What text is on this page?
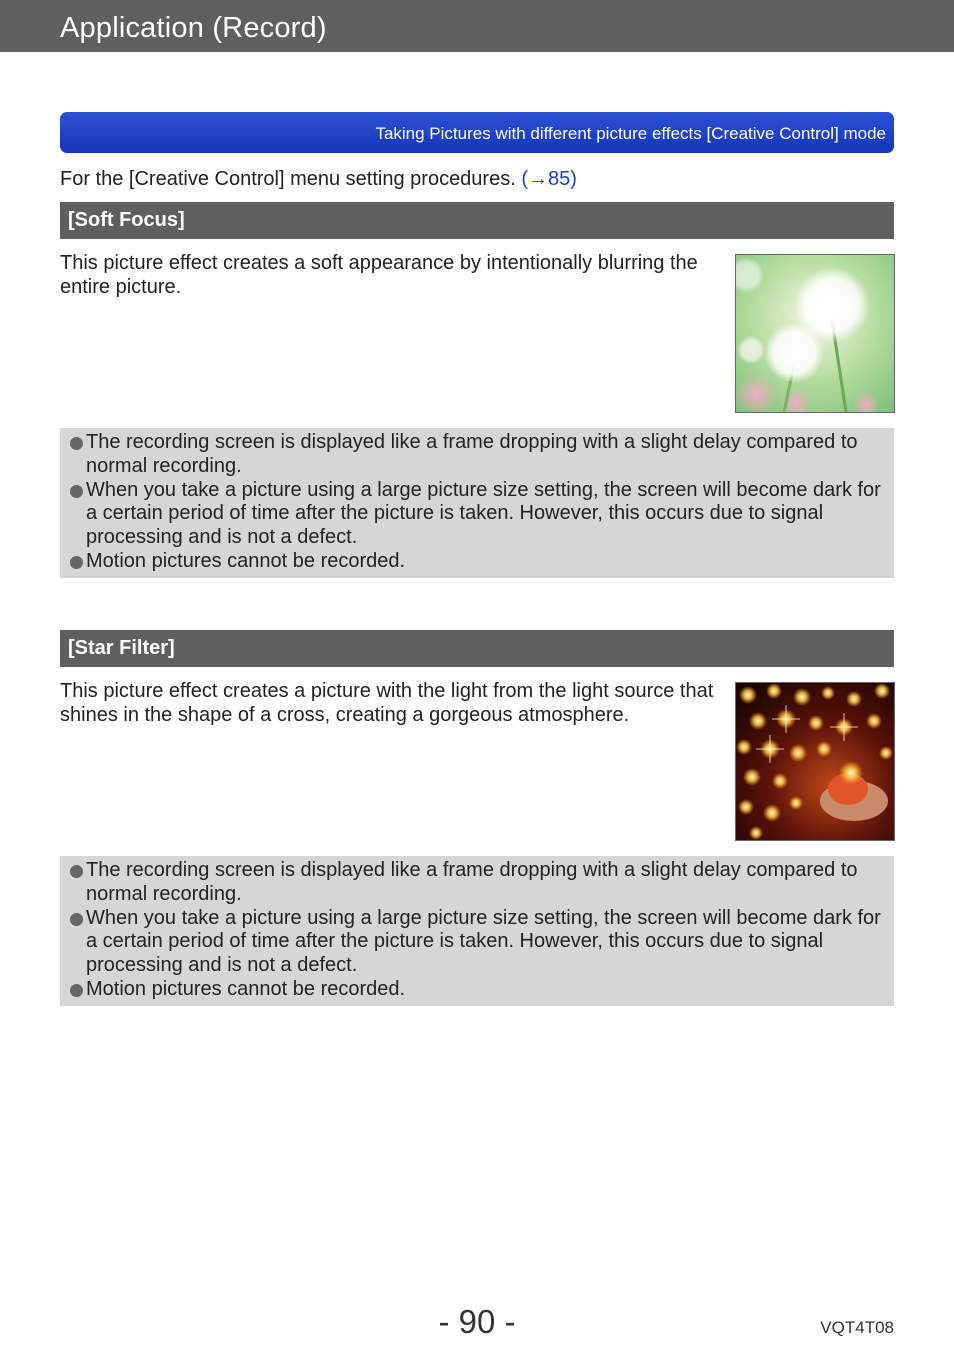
Application (Record)
Taking Pictures with different picture effects [Creative Control] mode
For the [Creative Control] menu setting procedures. (→85)
[Soft Focus]
This picture effect creates a soft appearance by intentionally blurring the entire picture.
The recording screen is displayed like a frame dropping with a slight delay compared to normal recording.
When you take a picture using a large picture size setting, the screen will become dark for a certain period of time after the picture is taken. However, this occurs due to signal processing and is not a defect.
Motion pictures cannot be recorded.
[Star Filter]
This picture effect creates a picture with the light from the light source that shines in the shape of a cross, creating a gorgeous atmosphere.
The recording screen is displayed like a frame dropping with a slight delay compared to normal recording.
When you take a picture using a large picture size setting, the screen will become dark for a certain period of time after the picture is taken. However, this occurs due to signal processing and is not a defect.
Motion pictures cannot be recorded.
- 90 -	VQT4T08
